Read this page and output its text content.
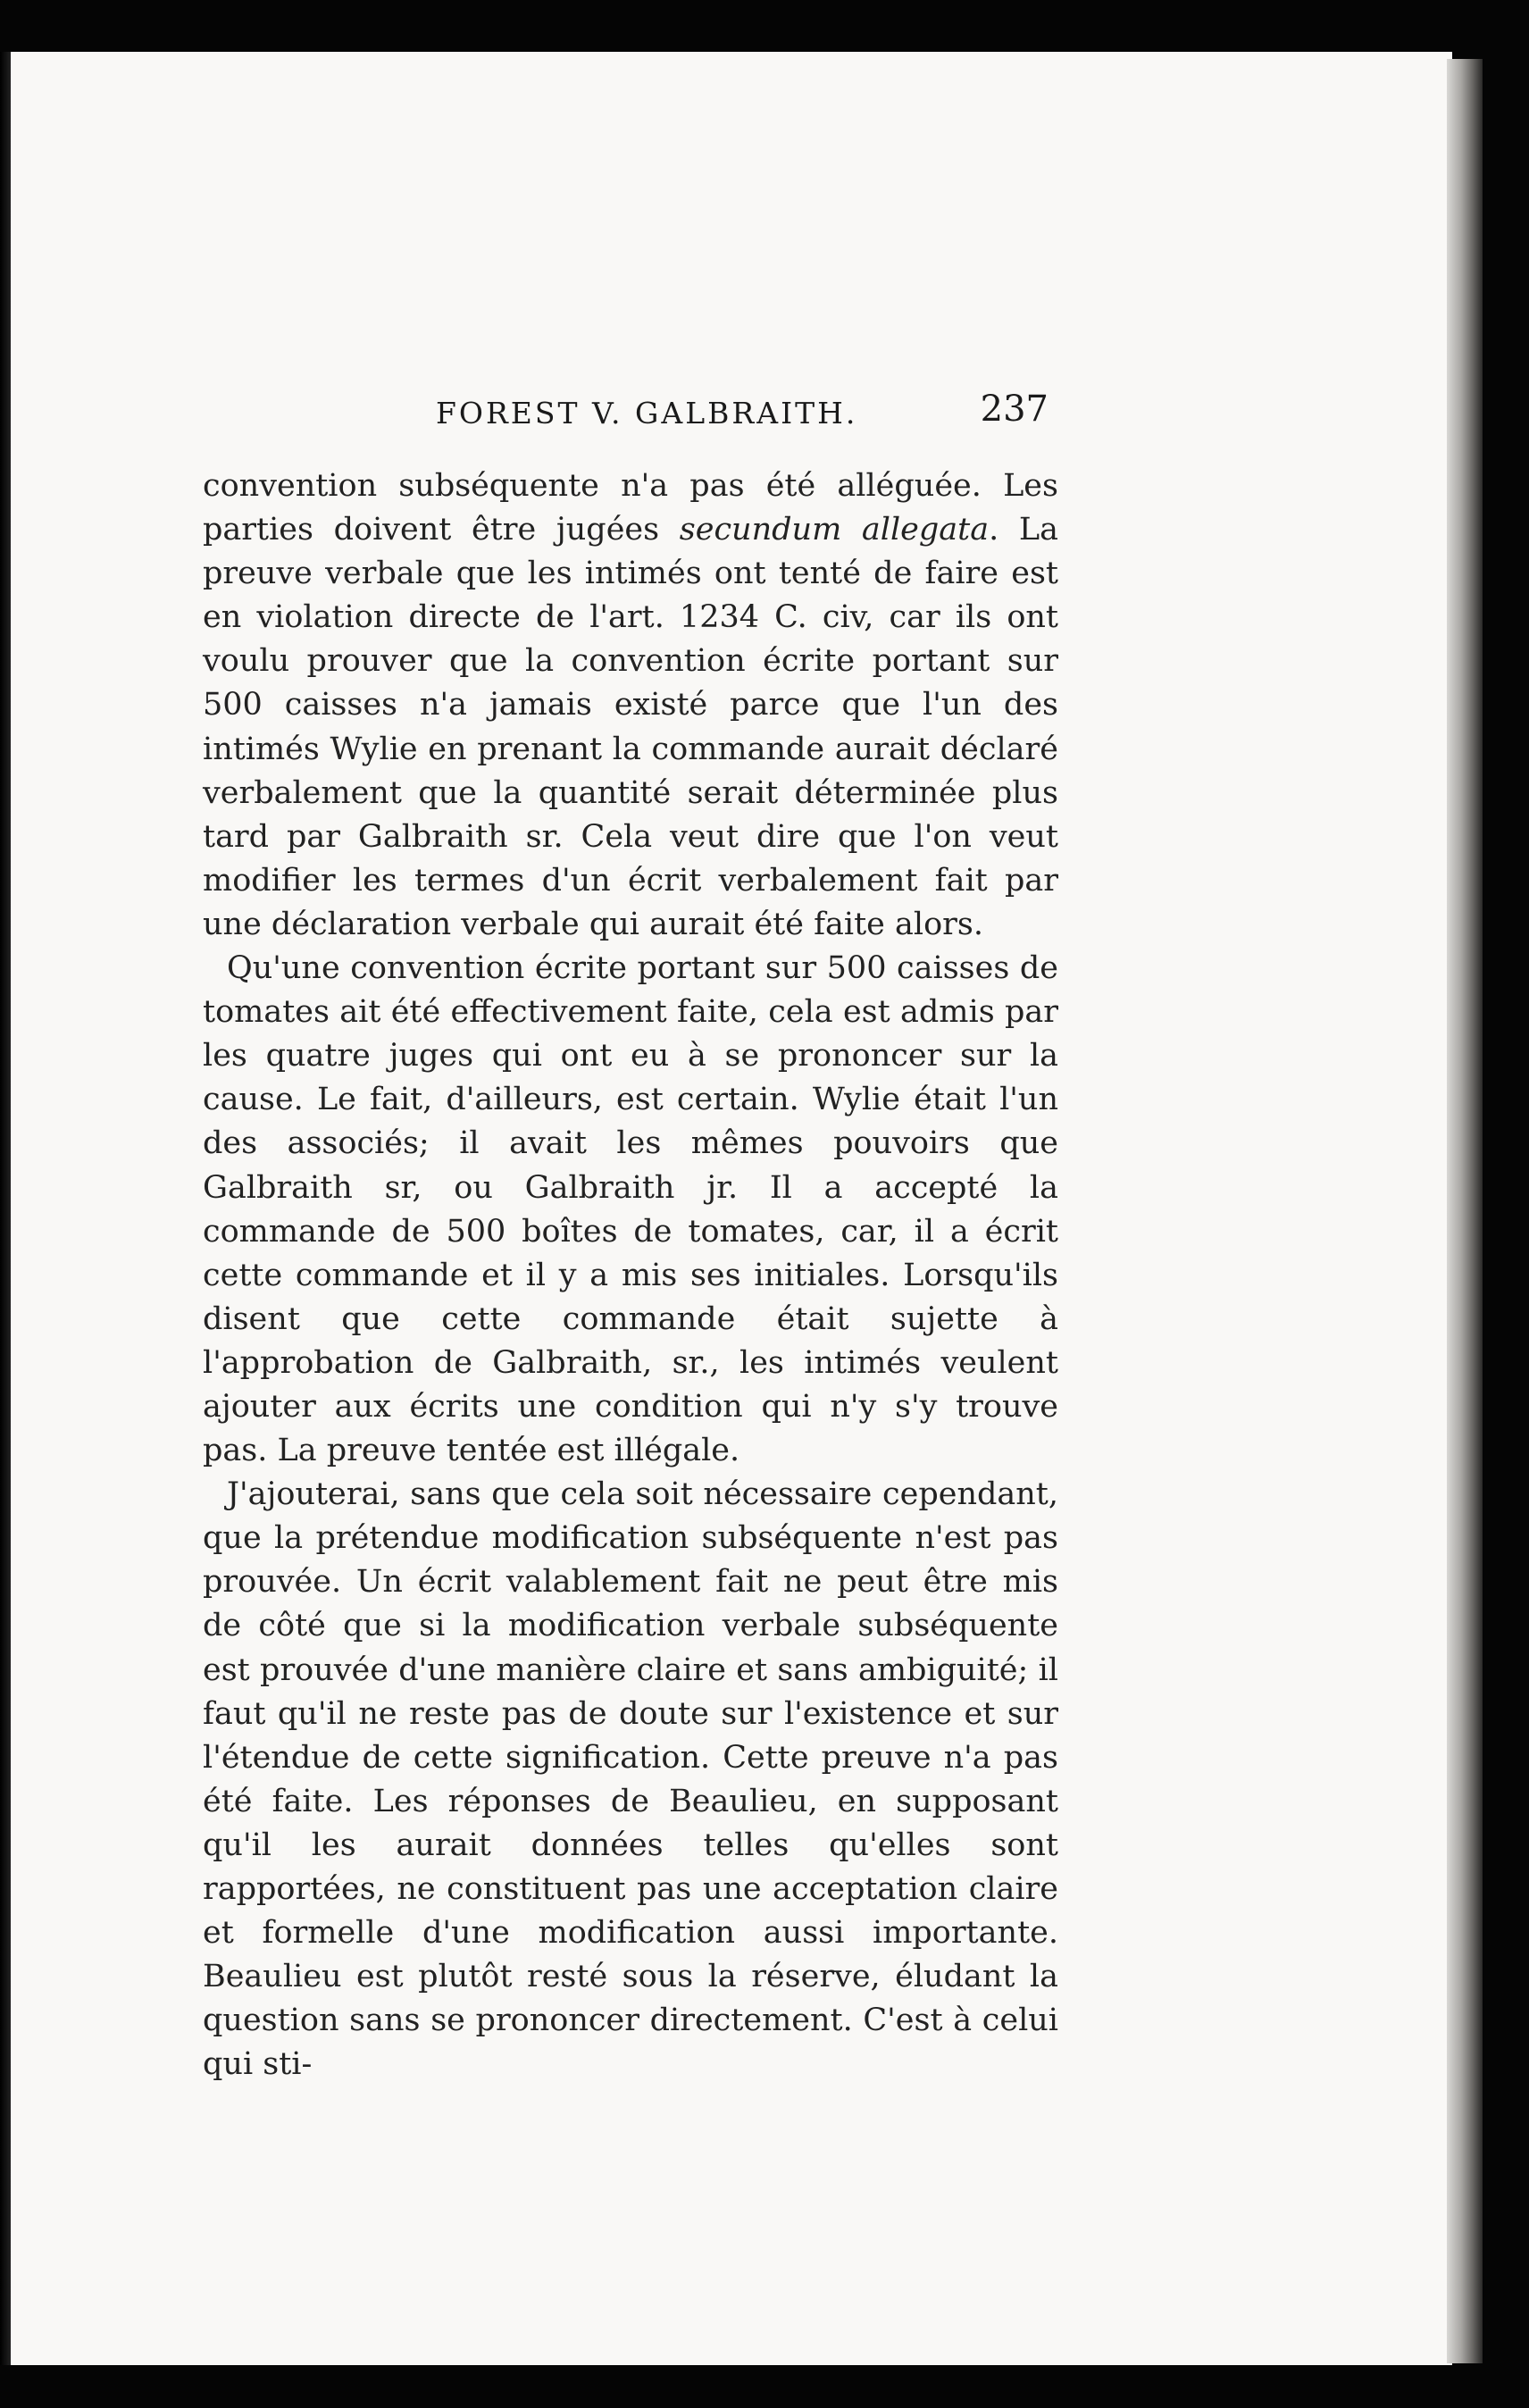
FOREST V. GALBRAITH.	237

convention subséquente n'a pas été alléguée. Les parties doivent être jugées secundum allegata. La preuve verbale que les intimés ont tenté de faire est en violation directe de l'art. 1234 C. civ, car ils ont voulu prouver que la convention écrite portant sur 500 caisses n'a jamais existé parce que l'un des intimés Wylie en prenant la commande aurait déclaré verbalement que la quantité serait déterminée plus tard par Galbraith sr. Cela veut dire que l'on veut modifier les termes d'un écrit verbalement fait par une déclaration verbale qui aurait été faite alors.

Qu'une convention écrite portant sur 500 caisses de tomates ait été effectivement faite, cela est admis par les quatre juges qui ont eu à se prononcer sur la cause. Le fait, d'ailleurs, est certain. Wylie était l'un des associés; il avait les mêmes pouvoirs que Galbraith sr, ou Galbraith jr. Il a accepté la commande de 500 boîtes de tomates, car, il a écrit cette commande et il y a mis ses initiales. Lorsqu'ils disent que cette commande était sujette à l'approbation de Galbraith, sr., les intimés veulent ajouter aux écrits une condition qui n'y s'y trouve pas. La preuve tentée est illégale.

J'ajouterai, sans que cela soit nécessaire cependant, que la prétendue modification subséquente n'est pas prouvée. Un écrit valablement fait ne peut être mis de côté que si la modification verbale subséquente est prouvée d'une manière claire et sans ambiguité; il faut qu'il ne reste pas de doute sur l'existence et sur l'étendue de cette signification. Cette preuve n'a pas été faite. Les réponses de Beaulieu, en supposant qu'il les aurait données telles qu'elles sont rapportées, ne constituent pas une acceptation claire et formelle d'une modification aussi importante. Beaulieu est plutôt resté sous la réserve, éludant la question sans se prononcer directement. C'est à celui qui sti-
